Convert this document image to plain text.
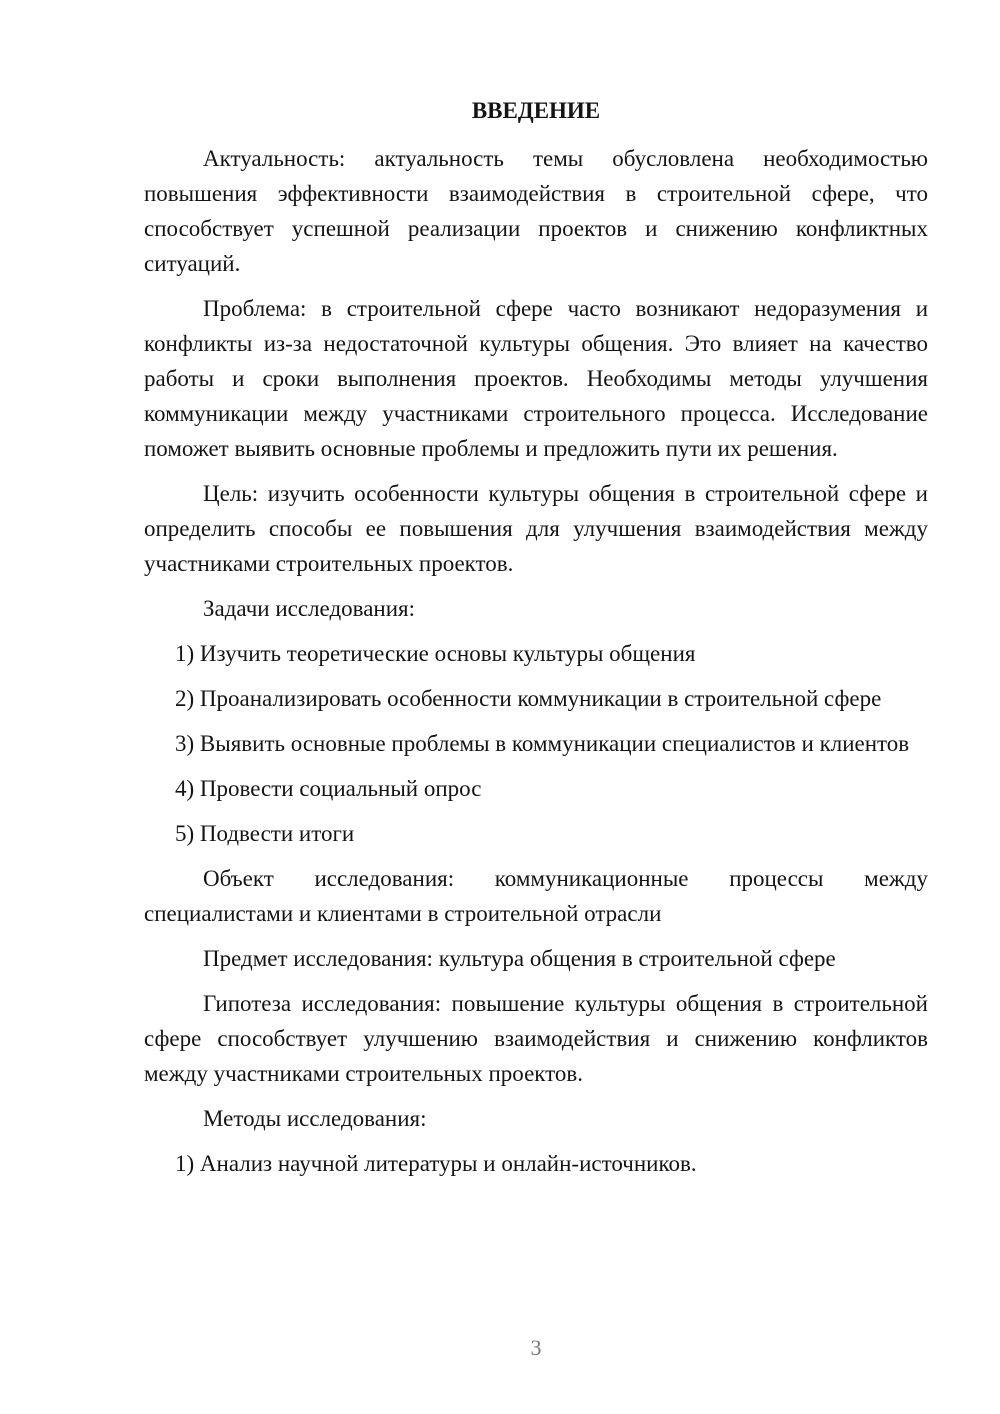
ВВЕДЕНИЕ

Актуальность: актуальность темы обусловлена необходимостью повышения эффективности взаимодействия в строительной сфере, что способствует успешной реализации проектов и снижению конфликтных ситуаций.

Проблема: в строительной сфере часто возникают недоразумения и конфликты из-за недостаточной культуры общения. Это влияет на качество работы и сроки выполнения проектов. Необходимы методы улучшения коммуникации между участниками строительного процесса. Исследование поможет выявить основные проблемы и предложить пути их решения.

Цель: изучить особенности культуры общения в строительной сфере и определить способы ее повышения для улучшения взаимодействия между участниками строительных проектов.

Задачи исследования:

1) Изучить теоретические основы культуры общения

2) Проанализировать особенности коммуникации в строительной сфере

3) Выявить основные проблемы в коммуникации специалистов и клиентов

4) Провести социальный опрос

5) Подвести итоги

Объект исследования: коммуникационные процессы между специалистами и клиентами в строительной отрасли

Предмет исследования: культура общения в строительной сфере

Гипотеза исследования: повышение культуры общения в строительной сфере способствует улучшению взаимодействия и снижению конфликтов между участниками строительных проектов.

Методы исследования:

1) Анализ научной литературы и онлайн-источников.

3
